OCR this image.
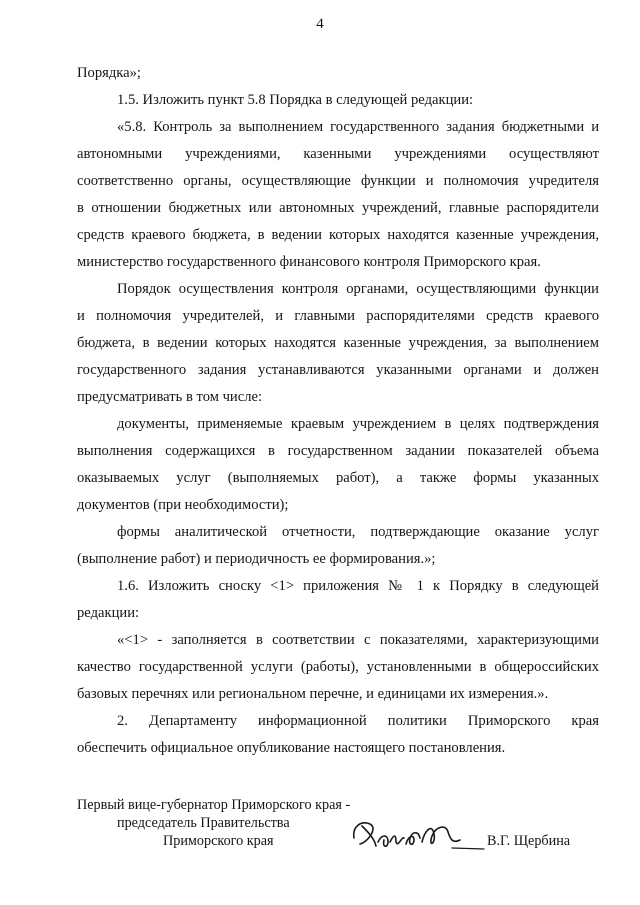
4
Порядка»;
1.5. Изложить пункт 5.8 Порядка в следующей редакции:
«5.8. Контроль за выполнением государственного задания бюджетными и
автономными учреждениями, казенными учреждениями осуществляют
соответственно органы, осуществляющие функции и полномочия учредителя
в отношении бюджетных или автономных учреждений, главные распорядители
средств краевого бюджета, в ведении которых находятся казенные учреждения,
министерство государственного финансового контроля Приморского края.
Порядок осуществления контроля органами, осуществляющими функции
и полномочия учредителей, и главными распорядителями средств краевого
бюджета, в ведении которых находятся казенные учреждения, за выполнением
государственного задания устанавливаются указанными органами и должен
предусматривать в том числе:
документы, применяемые краевым учреждением в целях подтверждения
выполнения содержащихся в государственном задании показателей объема
оказываемых услуг (выполняемых работ), а также формы указанных
документов (при необходимости);
формы аналитической отчетности, подтверждающие оказание услуг
(выполнение работ) и периодичность ее формирования.»;
1.6. Изложить сноску <1> приложения № 1 к Порядку в следующей
редакции:
«<1> - заполняется в соответствии с показателями, характеризующими
качество государственной услуги (работы), установленными в общероссийских
базовых перечнях или региональном перечне, и единицами их измерения.».
2. Департаменту информационной политики Приморского края
обеспечить официальное опубликование настоящего постановления.
Первый вице-губернатор Приморского края -
председатель Правительства
Приморского края	В.Г. Щербина
